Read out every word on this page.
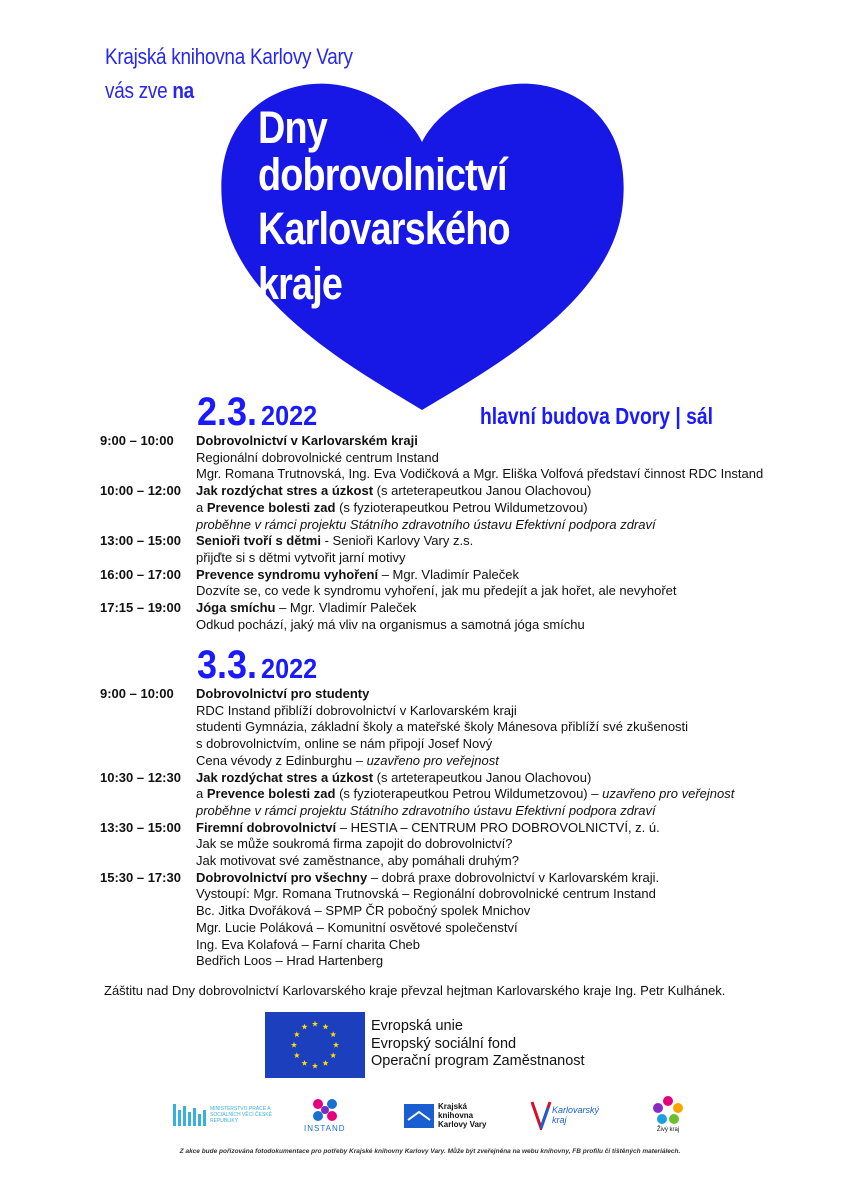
Krajská knihovna Karlovy Vary
vás zve na
Dny
dobrovolnictví
Karlovarského
kraje
2.3. 2022	hlavní budova Dvory | sál
9:00 – 10:00	Dobrovolnictví v Karlovarském kraji
Regionální dobrovolnické centrum Instand
Mgr. Romana Trutnovská, Ing. Eva Vodičková a Mgr. Eliška Volfová představí činnost RDC Instand
10:00 – 12:00	Jak rozdýchat stres a úzkost (s arteterapeutkou Janou Olachovou)
a Prevence bolesti zad (s fyzioterapeutkou Petrou Wildumetzovou)
proběhne v rámci projektu Státního zdravotního ústavu Efektivní podpora zdraví
13:00 – 15:00	Senioři tvoří s dětmi - Senioři Karlovy Vary z.s.
přijďte si s dětmi vytvořit jarní motivy
16:00 – 17:00	Prevence syndromu vyhoření – Mgr. Vladimír Paleček
Dozvíte se, co vede k syndromu vyhoření, jak mu předejít a jak hořet, ale nevyhořet
17:15 – 19:00	Jóga smíchu – Mgr. Vladimír Paleček
Odkud pochází, jaký má vliv na organismus a samotná jóga smíchu
3.3. 2022
9:00 – 10:00	Dobrovolnictví pro studenty
RDC Instand přiblíží dobrovolnictví v Karlovarském kraji
studenti Gymnázia, základní školy a mateřské školy Mánesova přiblíží své zkušenosti
s dobrovolnictvím, online se nám připojí Josef Nový
Cena vévody z Edinburghu – uzavřeno pro veřejnost
10:30 – 12:30	Jak rozdýchat stres a úzkost (s arteterapeutkou Janou Olachovou)
a Prevence bolesti zad (s fyzioterapeutkou Petrou Wildumetzovou) – uzavřeno pro veřejnost
proběhne v rámci projektu Státního zdravotního ústavu Efektivní podpora zdraví
13:30 – 15:00	Firemní dobrovolnictví – HESTIA – CENTRUM PRO DOBROVOLNICTVÍ, z. ú.
Jak se může soukromá firma zapojit do dobrovolnictví?
Jak motivovat své zaměstnance, aby pomáhali druhým?
15:30 – 17:30	Dobrovolnictví pro všechny – dobrá praxe dobrovolnictví v Karlovarském kraji.
Vystoupí: Mgr. Romana Trutnovská – Regionální dobrovolnické centrum Instand
Bc. Jitka Dvořáková – SPMP ČR pobočný spolek Mnichov
Mgr. Lucie Poláková – Komunitní osvětové společenství
Ing. Eva Kolafová – Farní charita Cheb
Bedřich Loos – Hrad Hartenberg
Záštitu nad Dny dobrovolnictví Karlovarského kraje převzal hejtman Karlovarského kraje Ing. Petr Kulhánek.
Evropská unie
Evropský sociální fond
Operační program Zaměstnanost
MINISTERSTVO PRÁCE A SOCIÁLNÍCH VĚCÍ ČESKÉ REPUBLIKY
INSTAND
Krajská
knihovna
Karlovy Vary
Karlovarský
kraj
Živý kraj
Z akce bude pořizována fotodokumentace pro potřeby Krajské knihovny Karlovy Vary. Může být zveřejněna na webu knihovny, FB profilu či tištěných materiálech.
